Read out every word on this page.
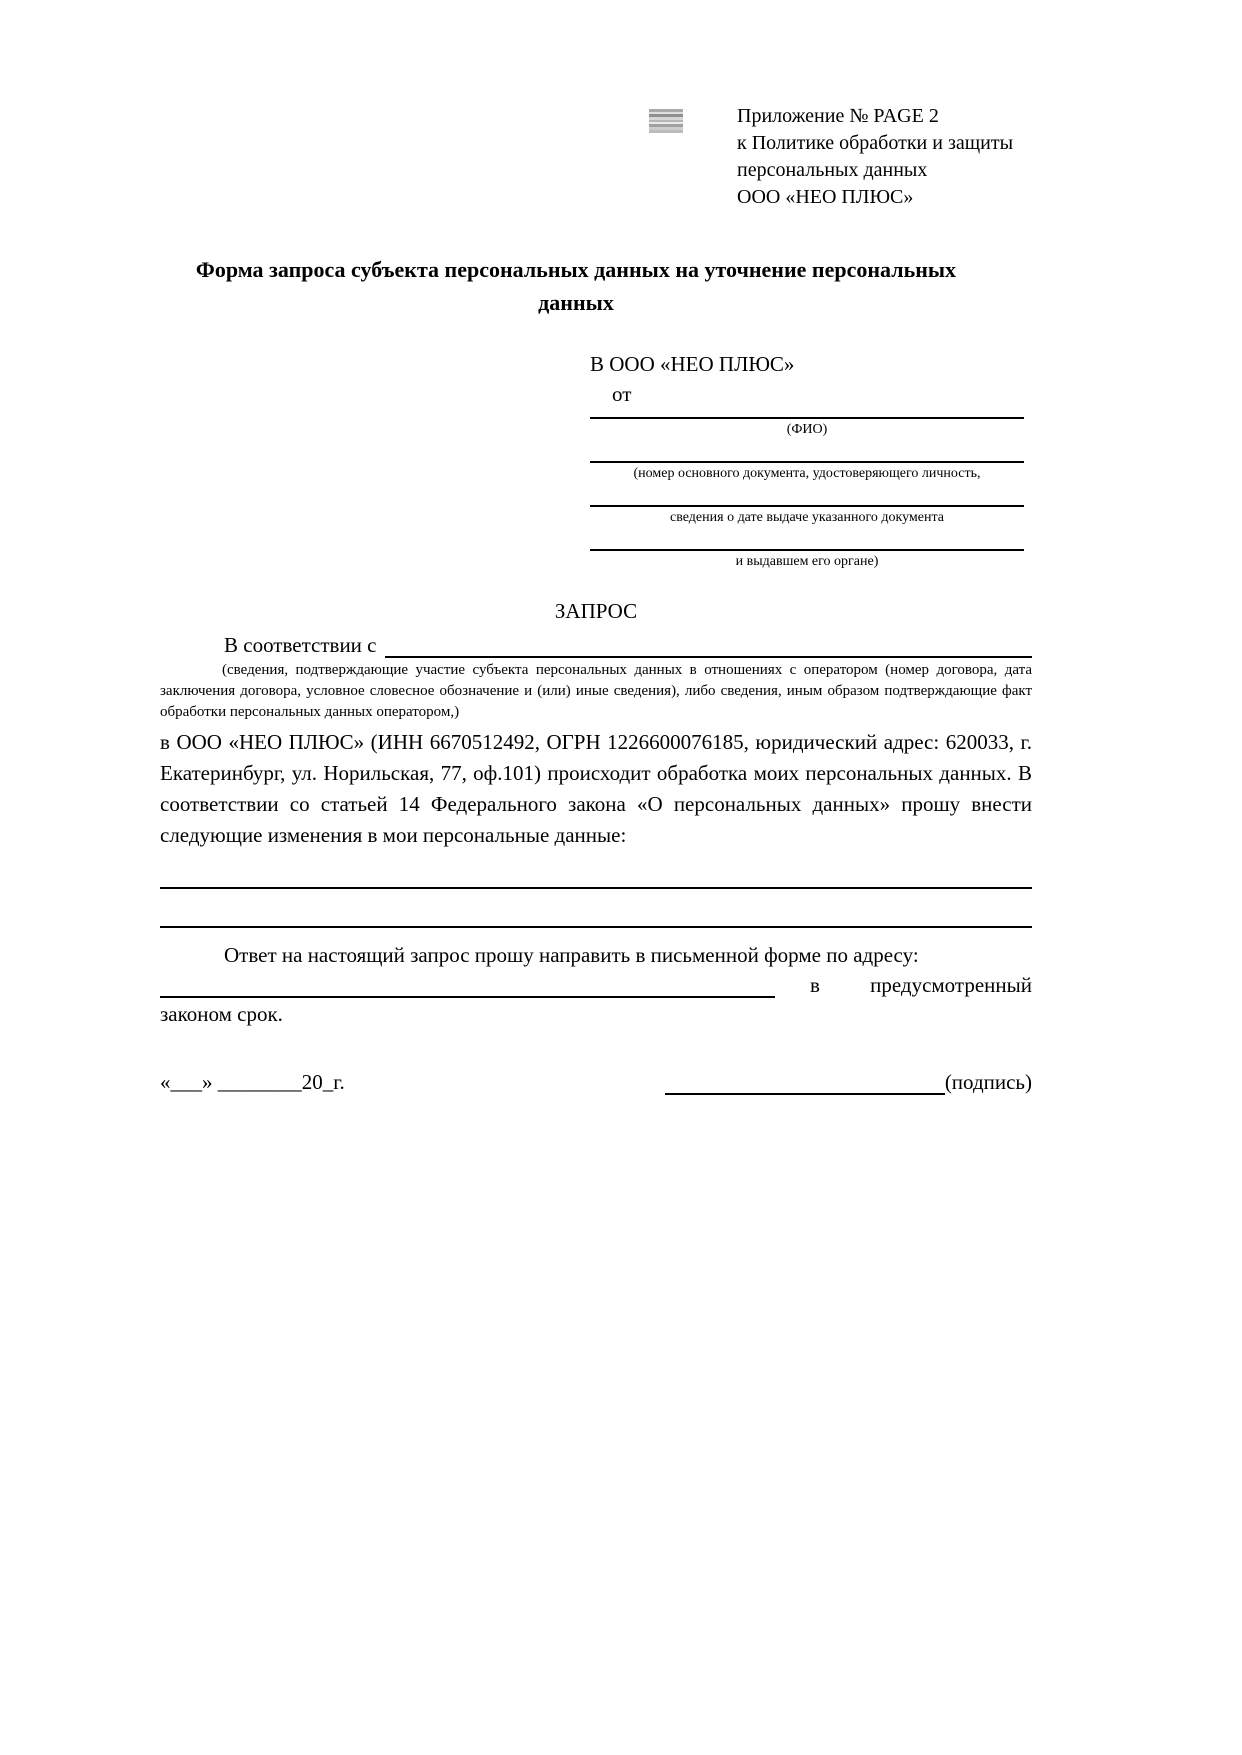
Приложение № PAGE 2
к Политике обработки и защиты
персональных данных
ООО «НЕО ПЛЮС»
Форма запроса субъекта персональных данных на уточнение персональных данных
В ООО «НЕО ПЛЮС»
от
(ФИО)
(номер основного документа, удостоверяющего личность,
сведения о дате выдаче указанного документа
и выдавшем его органе)
ЗАПРОС
В соответствии с

(сведения, подтверждающие участие субъекта персональных данных в отношениях с оператором (номер договора, дата заключения договора, условное словесное обозначение и (или) иные сведения), либо сведения, иным образом подтверждающие факт обработки персональных данных оператором,)

в ООО «НЕО ПЛЮС» (ИНН 6670512492, ОГРН 1226600076185, юридический адрес: 620033, г. Екатеринбург, ул. Норильская, 77, оф.101) происходит обработка моих персональных данных. В соответствии со статьей 14 Федерального закона «О персональных данных» прошу внести следующие изменения в мои персональные данные:

Ответ на настоящий запрос прошу направить в письменной форме по адресу:

в предусмотренный

законом срок.

«___» ________20_г.	(подпись)
